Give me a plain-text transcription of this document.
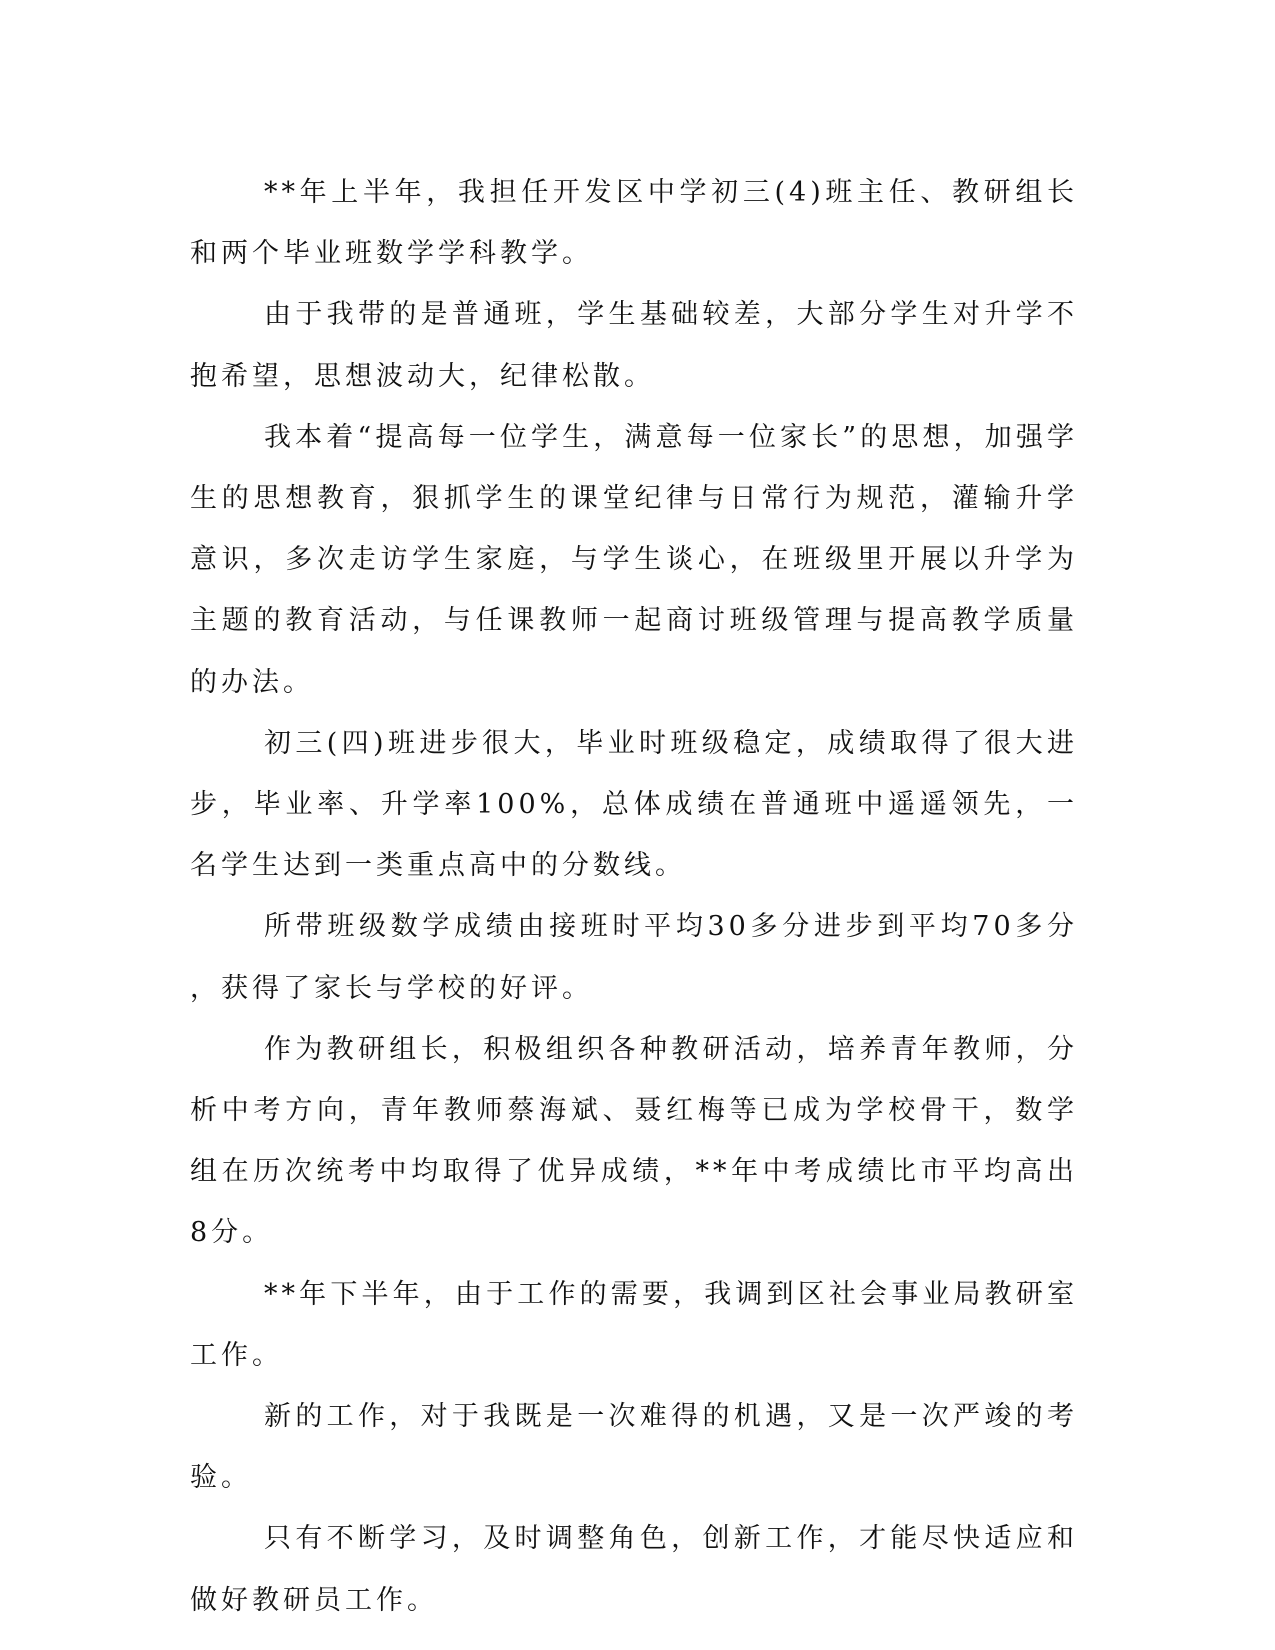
**年上半年，我担任开发区中学初三(4)班主任、教研组长和两个毕业班数学学科教学。

由于我带的是普通班，学生基础较差，大部分学生对升学不抱希望，思想波动大，纪律松散。

我本着“提高每一位学生，满意每一位家长”的思想，加强学生的思想教育，狠抓学生的课堂纪律与日常行为规范，灌输升学意识，多次走访学生家庭，与学生谈心，在班级里开展以升学为主题的教育活动，与任课教师一起商讨班级管理与提高教学质量的办法。

初三(四)班进步很大，毕业时班级稳定，成绩取得了很大进步，毕业率、升学率100%，总体成绩在普通班中遥遥领先，一名学生达到一类重点高中的分数线。

所带班级数学成绩由接班时平均30多分进步到平均70多分，获得了家长与学校的好评。

作为教研组长，积极组织各种教研活动，培养青年教师，分析中考方向，青年教师蔡海斌、聂红梅等已成为学校骨干，数学组在历次统考中均取得了优异成绩，**年中考成绩比市平均高出8分。

**年下半年，由于工作的需要，我调到区社会事业局教研室工作。

新的工作，对于我既是一次难得的机遇，又是一次严竣的考验。

只有不断学习，及时调整角色，创新工作，才能尽快适应和做好教研员工作。
